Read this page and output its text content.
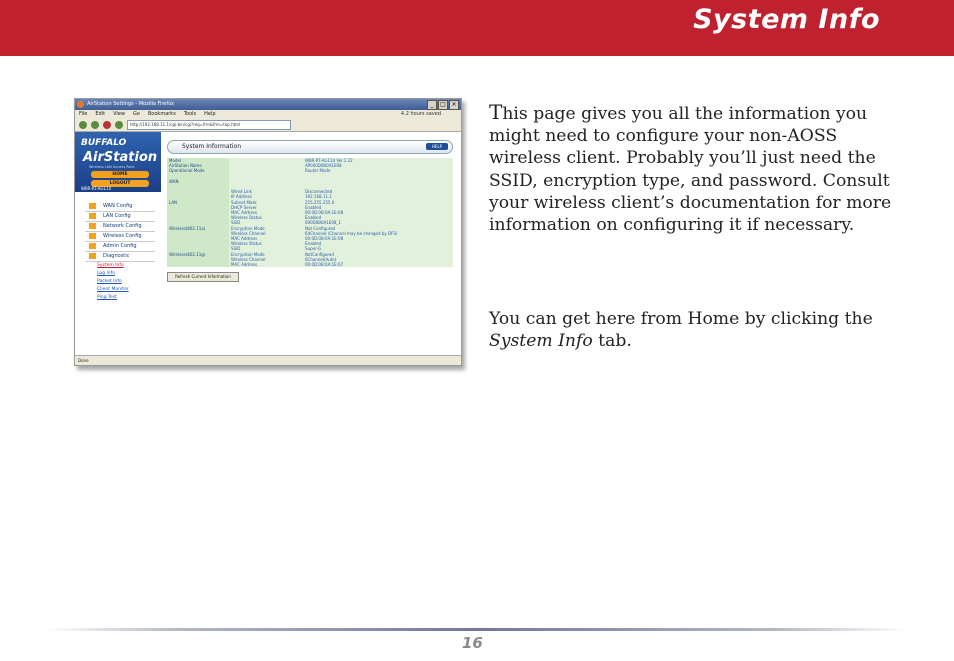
System Info
AirStation Settings - Mozilla Firefox	_	□ ×
File Edit View Go Bookmarks Tools Help	4.2 hours saved
http://192.168.11.1/cgi-bin/cgi?req=frm&frm=top.html
BUFFALO
AirStation
Wireless LAN Access Point
HOME
LOGOUT
WBR-RT-AG114
WAN Config
LAN Config
Network Config
Wireless Config
Admin Config
Diagnostic
System Info
Log Info
Packet Info
Client Monitor
Ping Test
System Information	HELP
Model		WBR-RT-AG114 Ver.1.22
AirStation Name		AP000D0B0A1E08
Operational Mode		Router Mode

WAN		

	Wired Link	Disconnected
	IP Address	192.168.11.1
LAN	Subnet Mask	255.255.255.0
	DHCP Server	Enabled
	MAC Address	00:0D:0B:0A:1E:08
	Wireless Status	Enabled
	SSID	000D0B0A1E08_1
Wireless(802.11a)	Encryption Mode	Not Configured
	Wireless Channel	64Channel (Channel may be changed by DFS)
	MAC Address	00:0D:0B:0A:1E:08
	Wireless Status	Enabled
	SSID	Super-G
Wireless(802.11g)	Encryption Mode	NotConfigured
	Wireless Channel	6Channel(Auto)
	MAC Address	00:0D:0B:0A:1E:07
Refresh Current Information
Done

This page gives you all the information you might need to configure your non-AOSS wireless client. Probably you’ll just need the SSID, encryption type, and password. Consult your wireless client’s documentation for more information on configuring it if necessary.

You can get here from Home by clicking the System Info tab.

16
